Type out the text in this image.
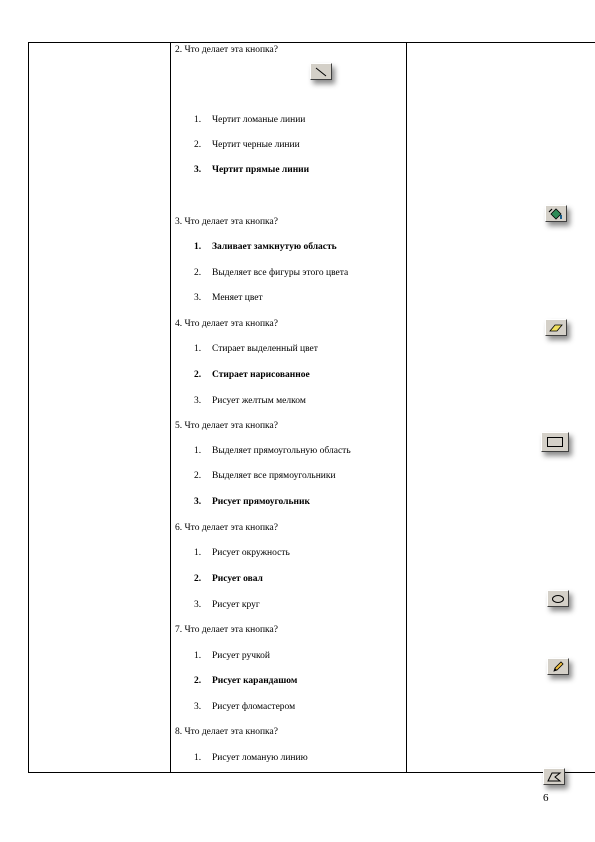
2. Что делает эта кнопка?
1. Чертит ломаные линии
2. Чертит черные линии
3. Чертит прямые линии
3. Что делает эта кнопка?
1. Заливает замкнутую область
2. Выделяет все фигуры этого цвета
3. Меняет цвет
4. Что делает эта кнопка?
1. Стирает выделенный цвет
2. Стирает нарисованное
3. Рисует желтым мелком
5. Что делает эта кнопка?
1. Выделяет прямоугольную область
2. Выделяет все прямоугольники
3. Рисует прямоугольник
6. Что делает эта кнопка?
1. Рисует окружность
2. Рисует овал
3. Рисует круг
7. Что делает эта кнопка?
1. Рисует ручкой
2. Рисует карандашом
3. Рисует фломастером
8. Что делает эта кнопка?
1. Рисует ломаную линию
6
